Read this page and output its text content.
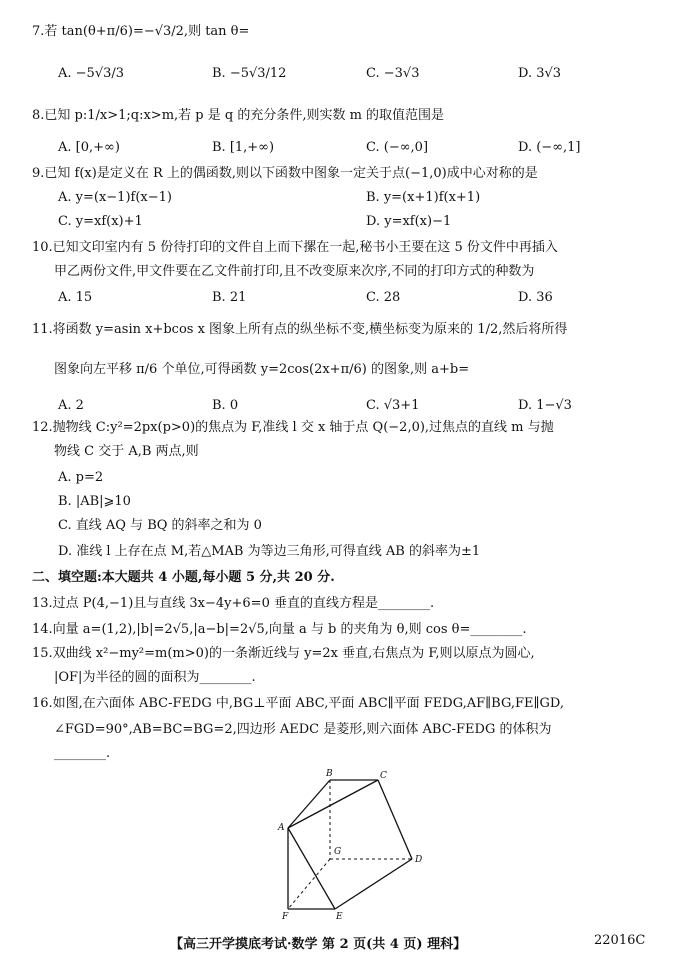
7.若 tan(θ+π/6)=−√3/2,则 tan θ=
A. −5√3/3	B. −5√3/12	C. −3√3	D. 3√3
8.已知 p:1/x>1;q:x>m,若 p 是 q 的充分条件,则实数 m 的取值范围是
A. [0,+∞)	B. [1,+∞)	C. (−∞,0]	D. (−∞,1]
9.已知 f(x)是定义在 R 上的偶函数,则以下函数中图象一定关于点(−1,0)成中心对称的是
A. y=(x−1)f(x−1)	B. y=(x+1)f(x+1)
C. y=xf(x)+1	D. y=xf(x)−1
10.已知文印室内有 5 份待打印的文件自上而下摞在一起,秘书小王要在这 5 份文件中再插入
甲乙两份文件,甲文件要在乙文件前打印,且不改变原来次序,不同的打印方式的种数为
A. 15	B. 21	C. 28	D. 36
11.将函数 y=asin x+bcos x 图象上所有点的纵坐标不变,横坐标变为原来的 1/2,然后将所得
图象向左平移 π/6 个单位,可得函数 y=2cos(2x+π/6) 的图象,则 a+b=
A. 2	B. 0	C. √3+1	D. 1−√3
12.抛物线 C:y²=2px(p>0)的焦点为 F,准线 l 交 x 轴于点 Q(−2,0),过焦点的直线 m 与抛
物线 C 交于 A,B 两点,则
A. p=2
B. |AB|⩾10
C. 直线 AQ 与 BQ 的斜率之和为 0
D. 准线 l 上存在点 M,若△MAB 为等边三角形,可得直线 AB 的斜率为±1
二、填空题:本大题共 4 小题,每小题 5 分,共 20 分.
13.过点 P(4,−1)且与直线 3x−4y+6=0 垂直的直线方程是________.
14.向量 a=(1,2),|b|=2√5,|a−b|=2√5,向量 a 与 b 的夹角为 θ,则 cos θ=________.
15.双曲线 x²−my²=m(m>0)的一条渐近线与 y=2x 垂直,右焦点为 F,则以原点为圆心,
|OF|为半径的圆的面积为________.
16.如图,在六面体 ABC-FEDG 中,BG⊥平面 ABC,平面 ABC∥平面 FEDG,AF∥BG,FE∥GD,
∠FGD=90°,AB=BC=BG=2,四边形 AEDC 是菱形,则六面体 ABC-FEDG 的体积为
________.
B	C
A
G
D
F	E
【高三开学摸底考试·数学 第 2 页(共 4 页) 理科】	22016C
